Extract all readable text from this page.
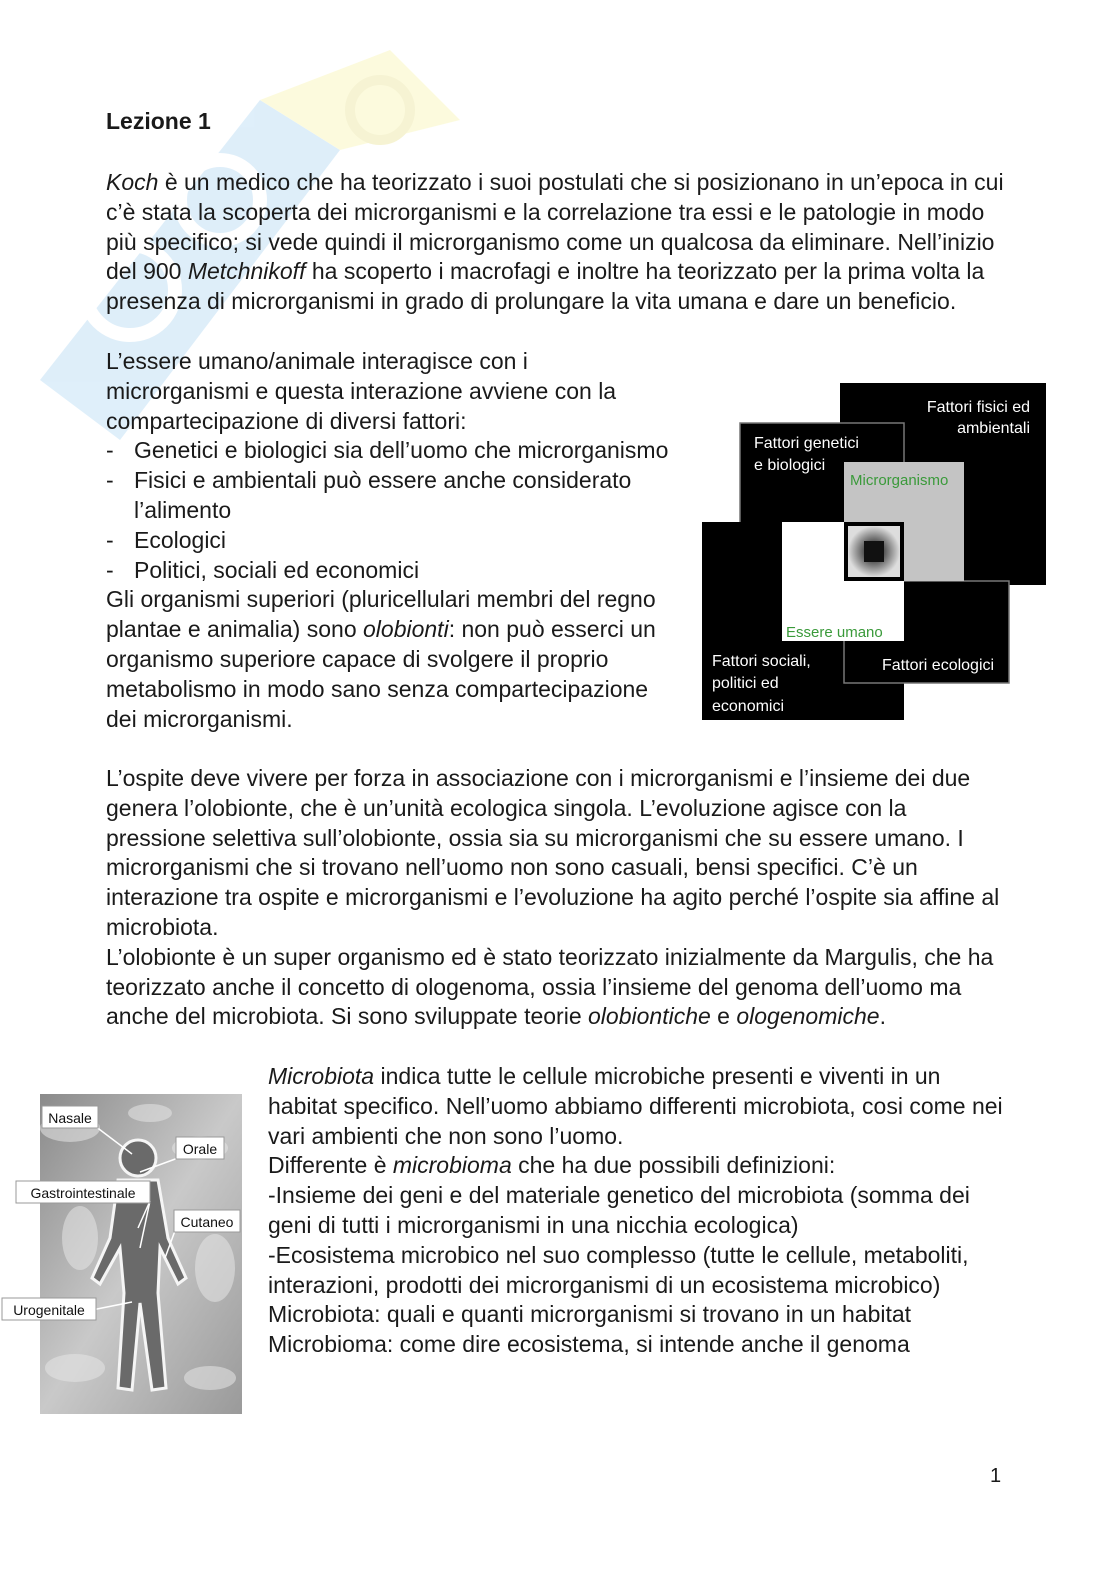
Lezione 1

Koch è un medico che ha teorizzato i suoi postulati che si posizionano in un’epoca in cui c’è stata la scoperta dei microrganismi e la correlazione tra essi e le patologie in modo più specifico; si vede quindi il microrganismo come un qualcosa da eliminare. Nell’inizio del 900 Metchnikoff ha scoperto i macrofagi e inoltre ha teorizzato per la prima volta la presenza di microrganismi in grado di prolungare la vita umana e dare un beneficio.

L’essere umano/animale interagisce con i microrganismi e questa interazione avviene con la compartecipazione di diversi fattori:

- Genetici e biologici sia dell’uomo che microrganismo
- Fisici e ambientali può essere anche considerato l’alimento
- Ecologici
- Politici, sociali ed economici

Gli organismi superiori (pluricellulari membri del regno plantae e animalia) sono olobionti: non può esserci un organismo superiore capace di svolgere il proprio metabolismo in modo sano senza compartecipazione dei microrganismi.

Fattori fisici ed
ambientali
Fattori genetici
e biologici
Microrganismo
Essere umano
Fattori sociali,
politici ed
economici
Fattori ecologici

L’ospite deve vivere per forza in associazione con i microrganismi e l’insieme dei due genera l’olobionte, che è un’unità ecologica singola. L’evoluzione agisce con la pressione selettiva sull’olobionte, ossia sia su microrganismi che su essere umano. I microrganismi che si trovano nell’uomo non sono casuali, bensi specifici. C’è un interazione tra ospite e microrganismi e l’evoluzione ha agito perché l’ospite sia affine al microbiota.

L’olobionte è un super organismo ed è stato teorizzato inizialmente da Margulis, che ha teorizzato anche il concetto di ologenoma, ossia l’insieme del genoma dell’uomo ma anche del microbiota. Si sono sviluppate teorie olobiontiche e ologenomiche.

Nasale
Orale
Gastrointestinale
Cutaneo
Urogenitale

Microbiota indica tutte le cellule microbiche presenti e viventi in un habitat specifico. Nell’uomo abbiamo differenti microbiota, cosi come nei vari ambienti che non sono l’uomo.

Differente è microbioma che ha due possibili definizioni:

-Insieme dei geni e del materiale genetico del microbiota (somma dei geni di tutti i microrganismi in una nicchia ecologica)

-Ecosistema microbico nel suo complesso (tutte le cellule, metaboliti, interazioni, prodotti dei microrganismi di un ecosistema microbico)

Microbiota: quali e quanti microrganismi si trovano in un habitat

Microbioma: come dire ecosistema, si intende anche il genoma

1
